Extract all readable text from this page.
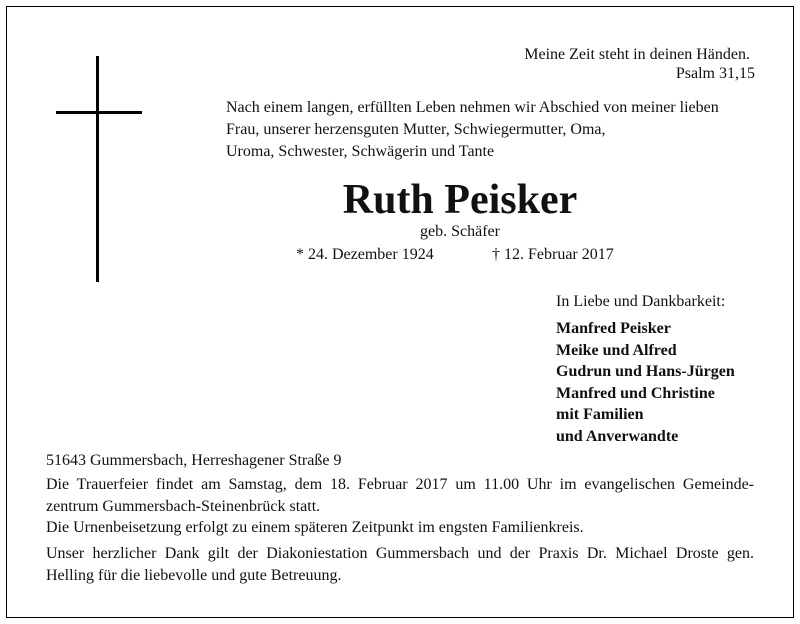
Meine Zeit steht in deinen Händen.
Psalm 31,15
Nach einem langen, erfüllten Leben nehmen wir Abschied von meiner lieben
Frau, unserer herzensguten Mutter, Schwiegermutter, Oma,
Uroma, Schwester, Schwägerin und Tante
Ruth Peisker
geb. Schäfer
* 24. Dezember 1924	† 12. Februar 2017
In Liebe und Dankbarkeit:
Manfred Peisker
Meike und Alfred
Gudrun und Hans-Jürgen
Manfred und Christine
mit Familien
und Anverwandte
51643 Gummersbach, Herreshagener Straße 9
Die Trauerfeier findet am Samstag, dem 18. Februar 2017 um 11.00 Uhr im evangelischen Gemeinde-
zentrum Gummersbach-Steinenbrück statt.
Die Urnenbeisetzung erfolgt zu einem späteren Zeitpunkt im engsten Familienkreis.
Unser herzlicher Dank gilt der Diakoniestation Gummersbach und der Praxis Dr. Michael Droste gen.
Helling für die liebevolle und gute Betreuung.
